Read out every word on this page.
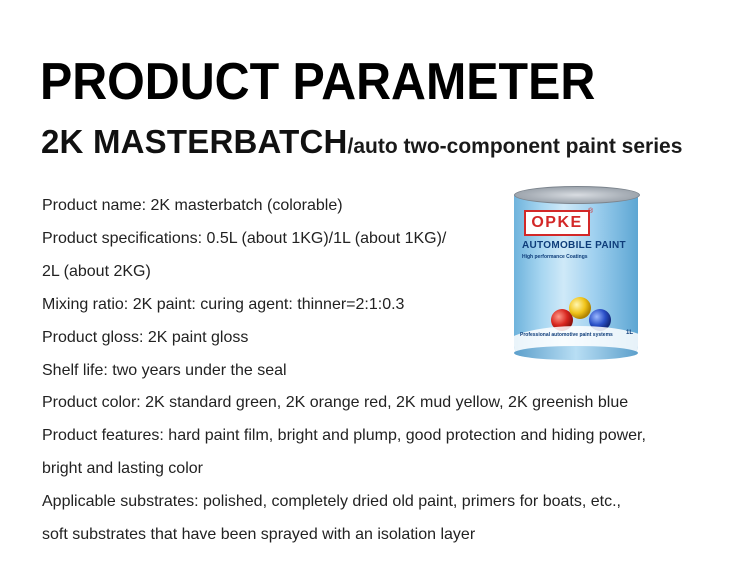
PRODUCT PARAMETER
2K MASTERBATCH/auto two-component paint series
Product name: 2K masterbatch (colorable)
Product specifications: 0.5L (about 1KG)/1L (about 1KG)/
2L (about 2KG)
Mixing ratio: 2K paint: curing agent: thinner=2:1:0.3
Product gloss: 2K paint gloss
Shelf life: two years under the seal
Product color: 2K standard green, 2K orange red, 2K mud yellow, 2K greenish blue
Product features: hard paint film, bright and plump, good protection and hiding power,
bright and lasting color
Applicable substrates: polished, completely dried old paint, primers for boats, etc.,
soft substrates that have been sprayed with an isolation layer
OPKE
®
AUTOMOBILE PAINT
High performance Coatings
Professional automotive paint systems 1L
